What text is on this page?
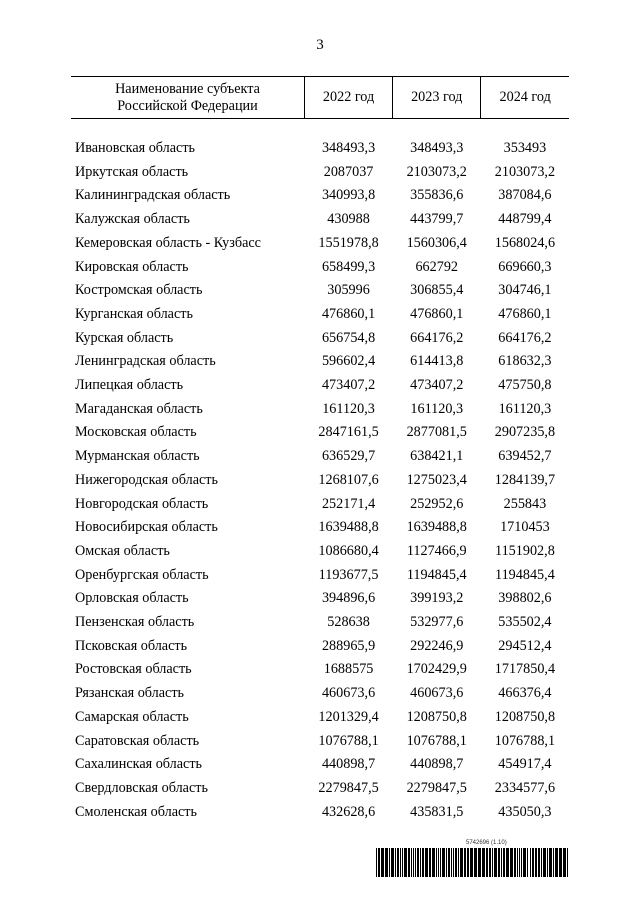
3
Наименование субъекта
Российской Федерации	2022 год	2023 год	2024 год

Ивановская область	348493,3	348493,3	353493
Иркутская область	2087037	2103073,2	2103073,2
Калининградская область	340993,8	355836,6	387084,6
Калужская область	430988	443799,7	448799,4
Кемеровская область - Кузбасс	1551978,8	1560306,4	1568024,6
Кировская область	658499,3	662792	669660,3
Костромская область	305996	306855,4	304746,1
Курганская область	476860,1	476860,1	476860,1
Курская область	656754,8	664176,2	664176,2
Ленинградская область	596602,4	614413,8	618632,3
Липецкая область	473407,2	473407,2	475750,8
Магаданская область	161120,3	161120,3	161120,3
Московская область	2847161,5	2877081,5	2907235,8
Мурманская область	636529,7	638421,1	639452,7
Нижегородская область	1268107,6	1275023,4	1284139,7
Новгородская область	252171,4	252952,6	255843
Новосибирская область	1639488,8	1639488,8	1710453
Омская область	1086680,4	1127466,9	1151902,8
Оренбургская область	1193677,5	1194845,4	1194845,4
Орловская область	394896,6	399193,2	398802,6
Пензенская область	528638	532977,6	535502,4
Псковская область	288965,9	292246,9	294512,4
Ростовская область	1688575	1702429,9	1717850,4
Рязанская область	460673,6	460673,6	466376,4
Самарская область	1201329,4	1208750,8	1208750,8
Саратовская область	1076788,1	1076788,1	1076788,1
Сахалинская область	440898,7	440898,7	454917,4
Свердловская область	2279847,5	2279847,5	2334577,6
Смоленская область	432628,6	435831,5	435050,3
5742696 (1.10)
